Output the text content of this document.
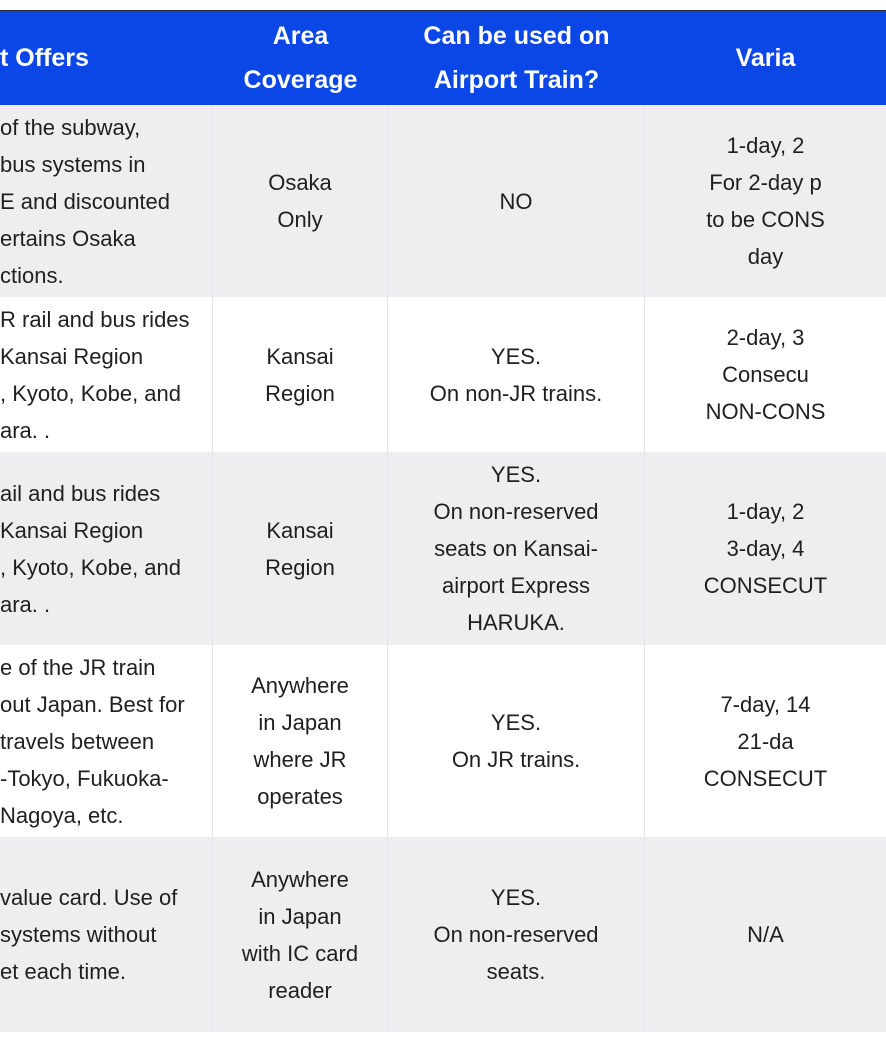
t Offers
Area
Coverage
Can be used on
Airport Train?
Varia
of the subway,
bus systems in
E and discounted
ertains Osaka
ctions.
Osaka
Only
NO
1-day, 2
For 2-day p
to be CONS
day
R rail and bus rides
Kansai Region
, Kyoto, Kobe, and
ara. .
Kansai
Region
YES.
On non-JR trains.
2-day, 3
Consecu
NON-CONS
ail and bus rides
Kansai Region
, Kyoto, Kobe, and
ara. .
Kansai
Region
YES.
On non-reserved
seats on Kansai-
airport Express
HARUKA.
1-day, 2
3-day, 4
CONSECUT
e of the JR train
out Japan. Best for
travels between
-Tokyo, Fukuoka-
Nagoya, etc.
Anywhere
in Japan
where JR
operates
YES.
On JR trains.
7-day, 14
21-da
CONSECUT
value card. Use of
systems without
et each time.
Anywhere
in Japan
with IC card
reader
YES.
On non-reserved
seats.
N/A
